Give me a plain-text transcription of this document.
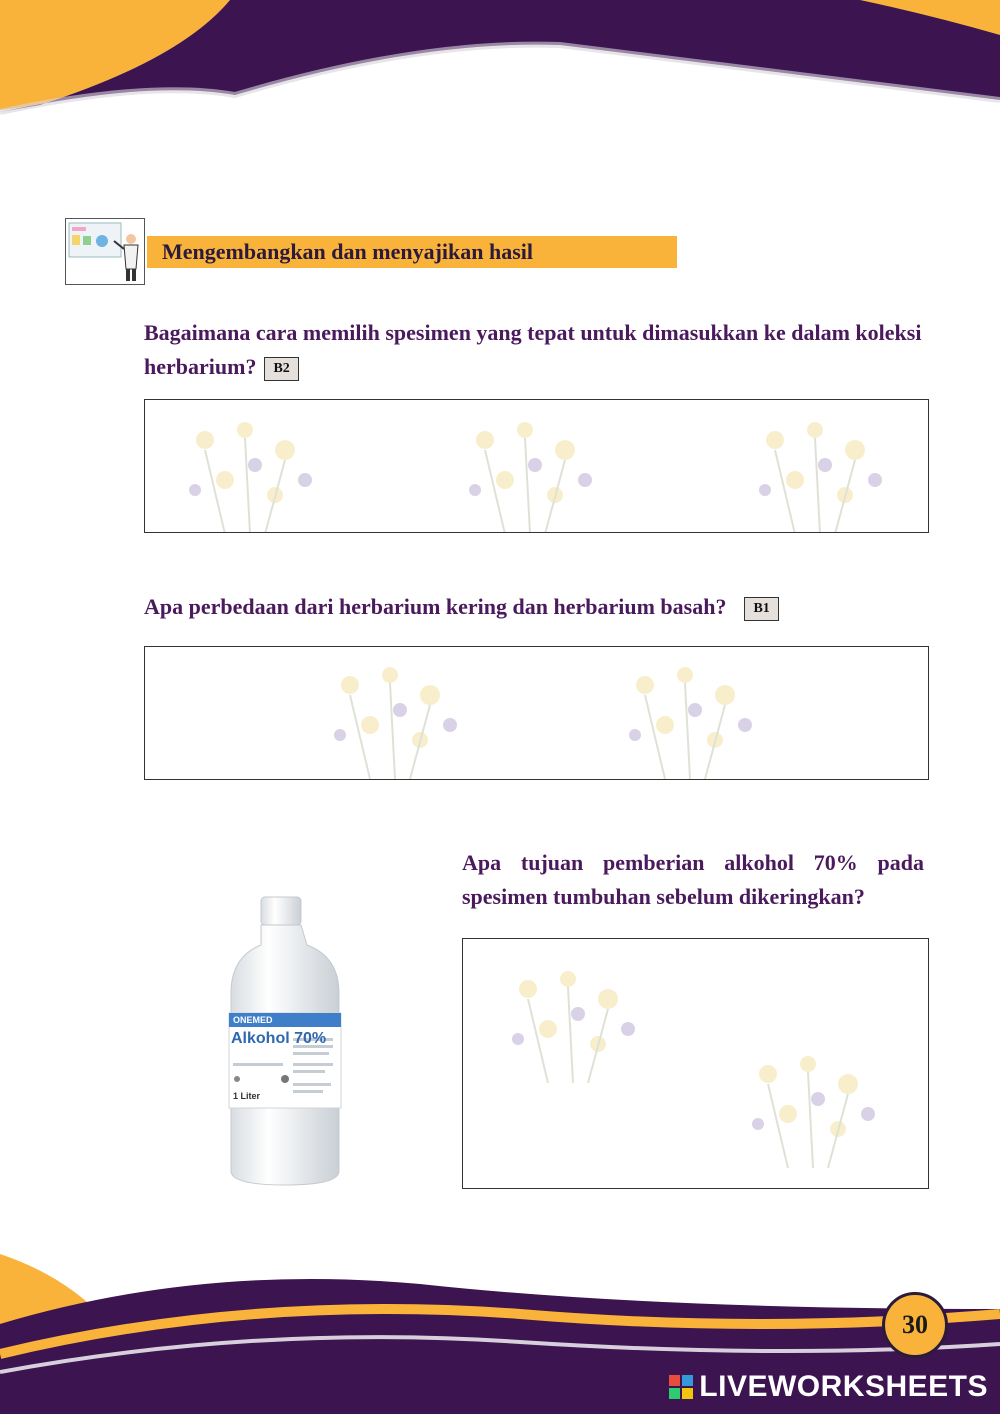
Mengembangkan dan menyajikan hasil
Bagaimana cara memilih spesimen yang tepat untuk dimasukkan ke dalam koleksi herbarium? B2
Apa perbedaan dari herbarium kering dan herbarium basah? B1
ONEMED
Alkohol 70%
1 Liter
Apa tujuan pemberian alkohol 70% pada spesimen tumbuhan sebelum dikeringkan?
30
LIVEWORKSHEETS
